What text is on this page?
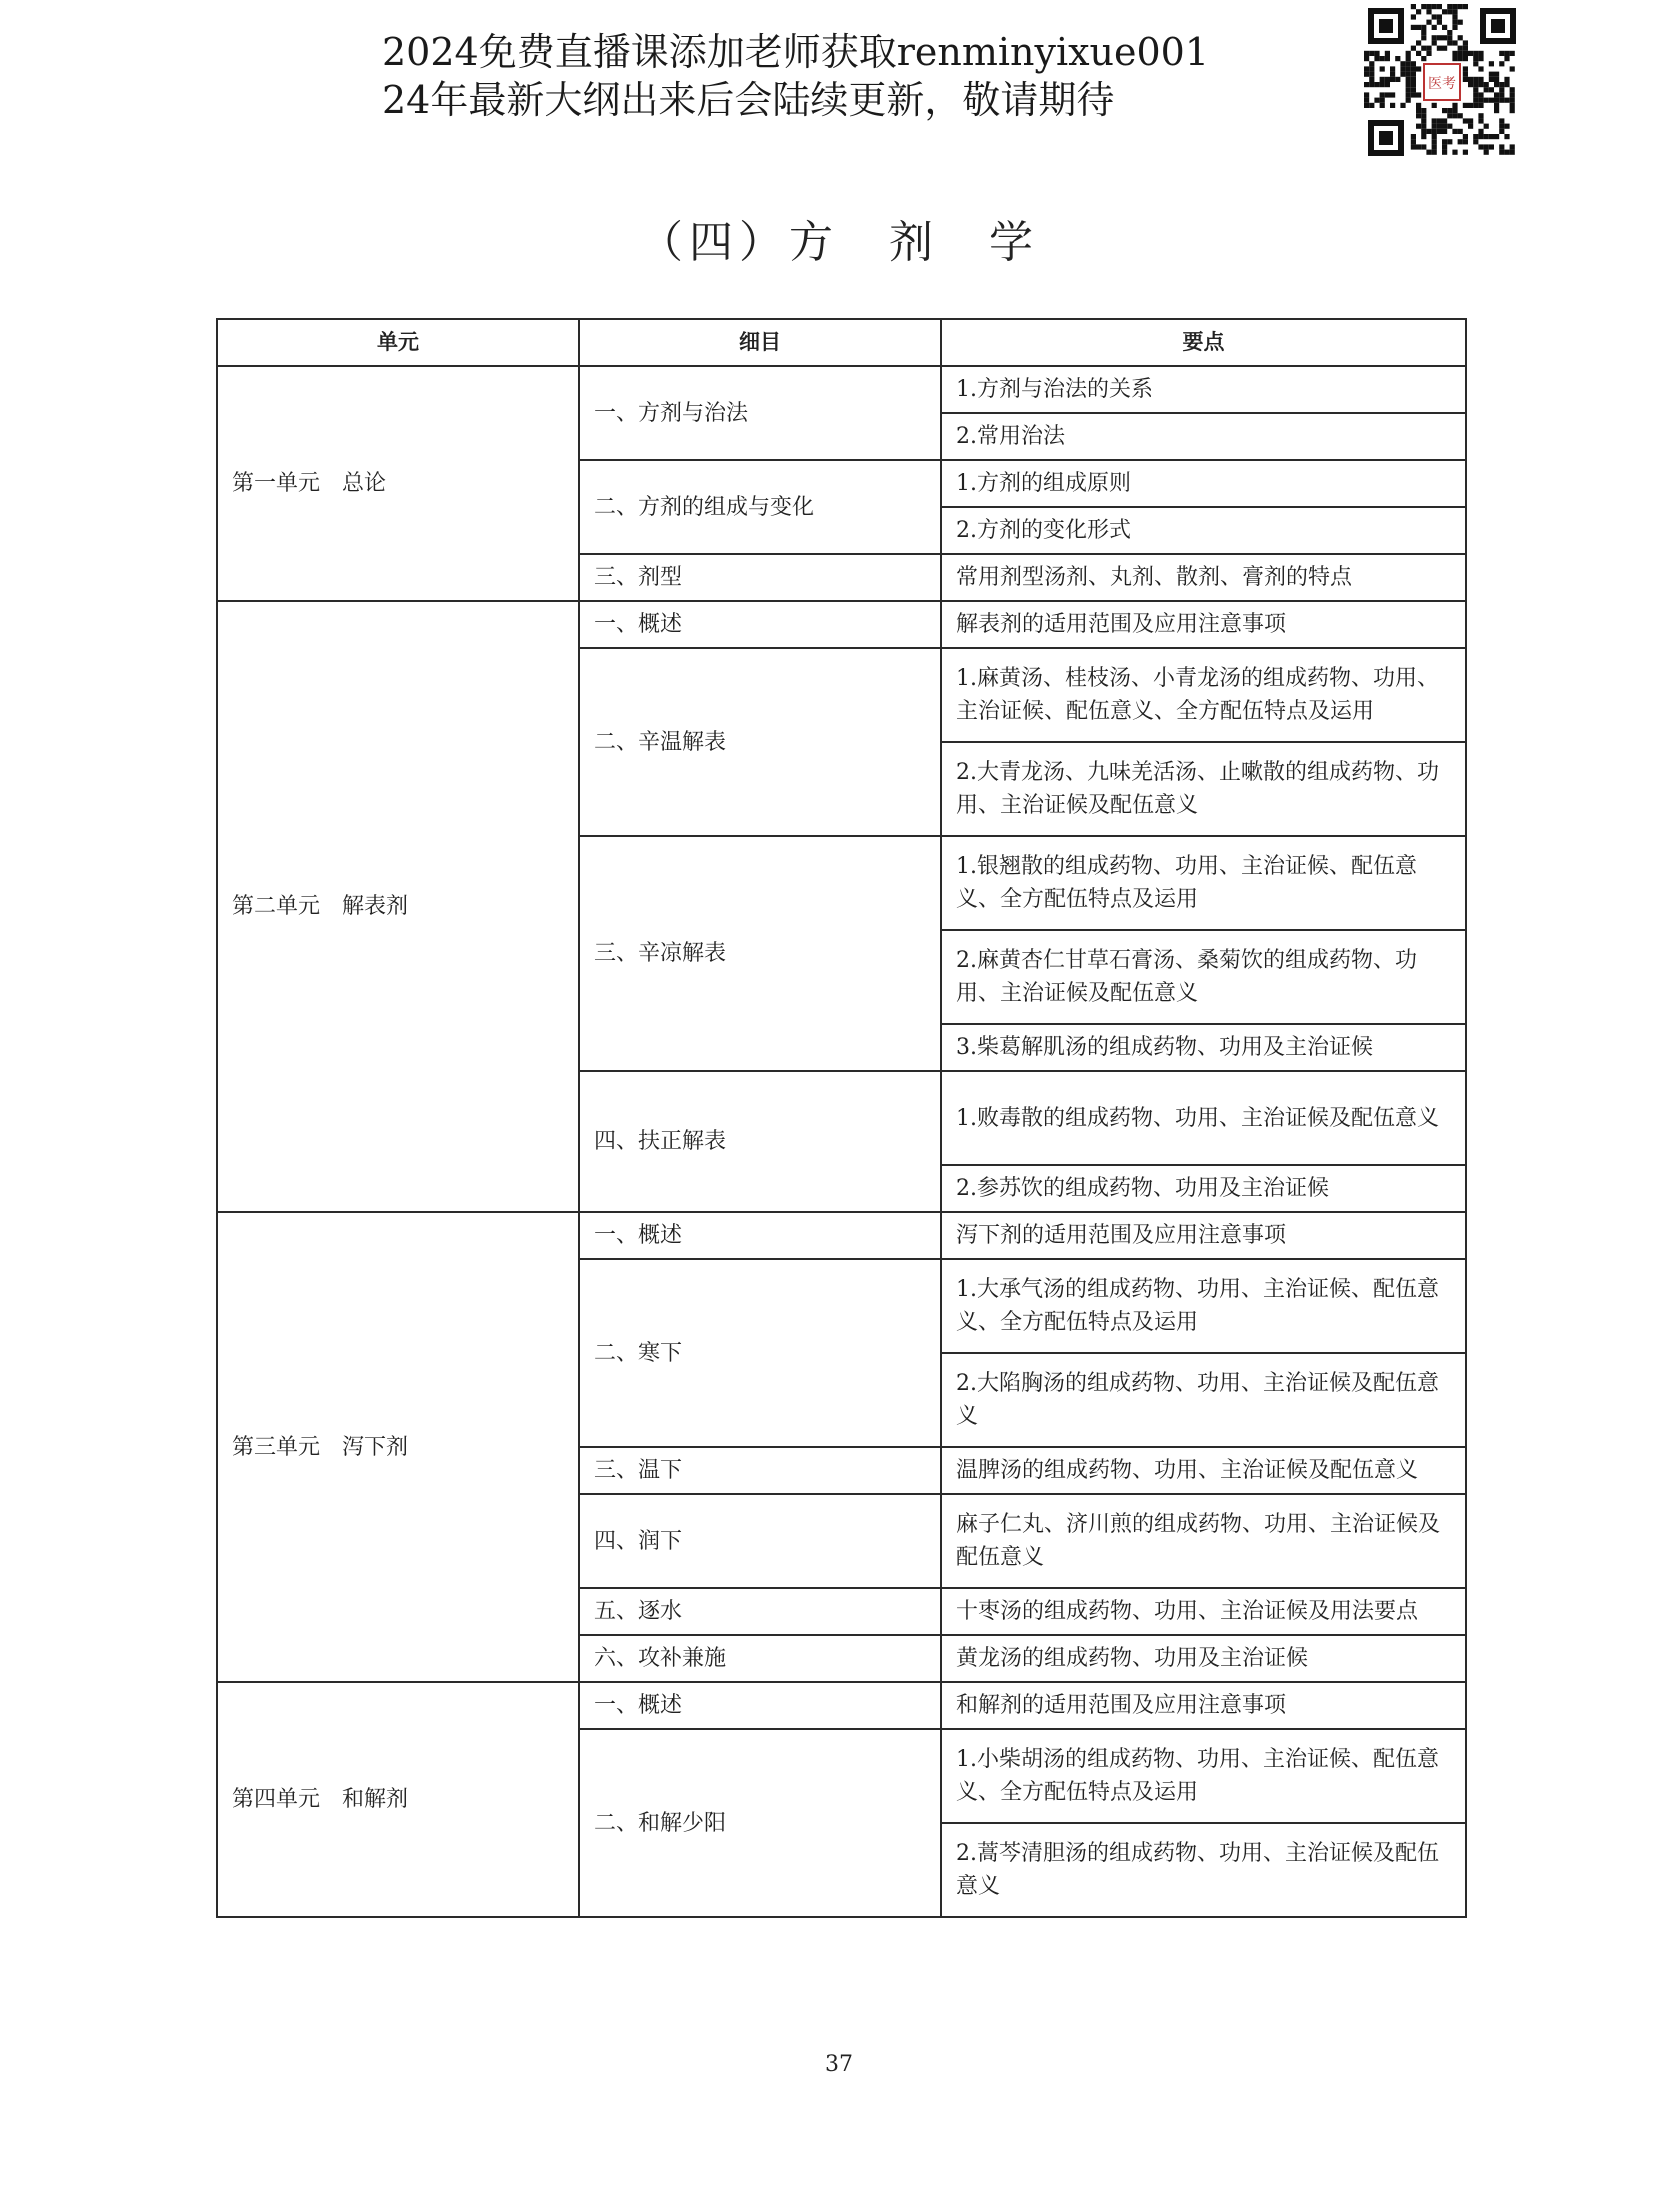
2024免费直播课添加老师获取renminyixue001
24年最新大纲出来后会陆续更新，敬请期待	医考
（四）方　剂　学
单元	细目	要点
第一单元　总论	一、方剂与治法	1.方剂与治法的关系
		2.常用治法
	二、方剂的组成与变化	1.方剂的组成原则
		2.方剂的变化形式
	三、剂型	常用剂型汤剂、丸剂、散剂、膏剂的特点
第二单元　解表剂	一、概述	解表剂的适用范围及应用注意事项
	二、辛温解表	1.麻黄汤、桂枝汤、小青龙汤的组成药物、功用、主治证候、配伍意义、全方配伍特点及运用
		2.大青龙汤、九味羌活汤、止嗽散的组成药物、功用、主治证候及配伍意义
	三、辛凉解表	1.银翘散的组成药物、功用、主治证候、配伍意义、全方配伍特点及运用
		2.麻黄杏仁甘草石膏汤、桑菊饮的组成药物、功用、主治证候及配伍意义
		3.柴葛解肌汤的组成药物、功用及主治证候
	四、扶正解表	1.败毒散的组成药物、功用、主治证候及配伍意义
		2.参苏饮的组成药物、功用及主治证候
第三单元　泻下剂	一、概述	泻下剂的适用范围及应用注意事项
	二、寒下	1.大承气汤的组成药物、功用、主治证候、配伍意义、全方配伍特点及运用
		2.大陷胸汤的组成药物、功用、主治证候及配伍意义
	三、温下	温脾汤的组成药物、功用、主治证候及配伍意义
	四、润下	麻子仁丸、济川煎的组成药物、功用、主治证候及配伍意义
	五、逐水	十枣汤的组成药物、功用、主治证候及用法要点
	六、攻补兼施	黄龙汤的组成药物、功用及主治证候
第四单元　和解剂	一、概述	和解剂的适用范围及应用注意事项
	二、和解少阳	1.小柴胡汤的组成药物、功用、主治证候、配伍意义、全方配伍特点及运用
		2.蒿芩清胆汤的组成药物、功用、主治证候及配伍意义
37
